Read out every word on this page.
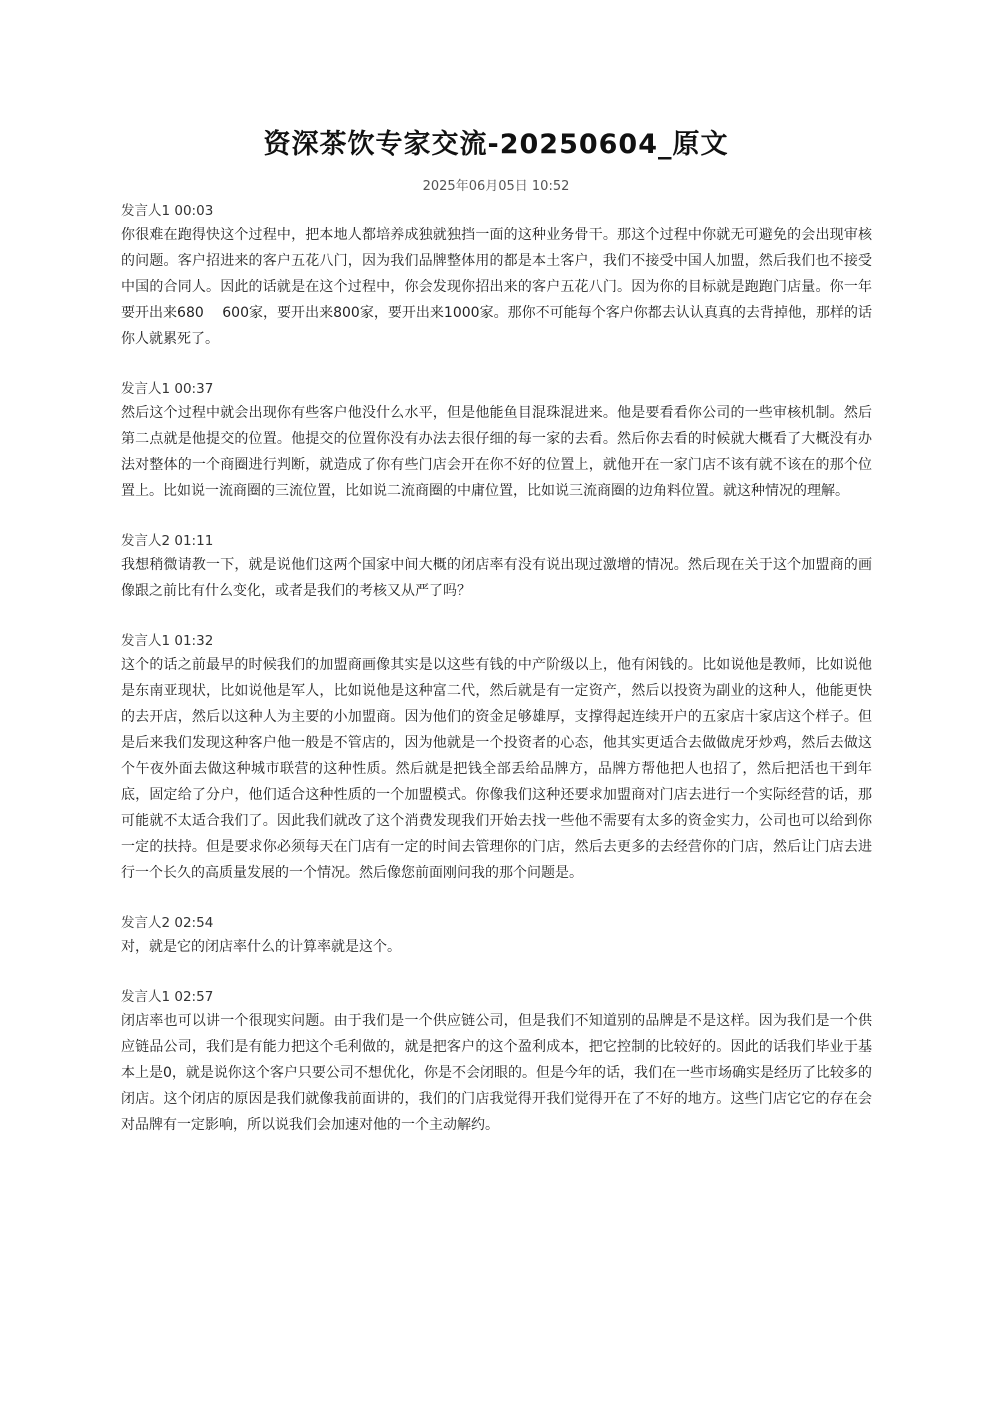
资深茶饮专家交流-20250604_原文
2025年06月05日 10:52
发言人1 00:03

你很难在跑得快这个过程中，把本地人都培养成独就独挡一面的这种业务骨干。那这个过程中你就无可避免的会出现审核的问题。客户招进来的客户五花八门，因为我们品牌整体用的都是本土客户，我们不接受中国人加盟，然后我们也不接受中国的合同人。因此的话就是在这个过程中，你会发现你招出来的客户五花八门。因为你的目标就是跑跑门店量。你一年要开出来680　 600家，要开出来800家，要开出来1000家。那你不可能每个客户你都去认认真真的去背掉他，那样的话你人就累死了。

发言人1 00:37

然后这个过程中就会出现你有些客户他没什么水平，但是他能鱼目混珠混进来。他是要看看你公司的一些审核机制。然后第二点就是他提交的位置。他提交的位置你没有办法去很仔细的每一家的去看。然后你去看的时候就大概看了大概没有办法对整体的一个商圈进行判断，就造成了你有些门店会开在你不好的位置上，就他开在一家门店不该有就不该在的那个位置上。比如说一流商圈的三流位置，比如说二流商圈的中庸位置，比如说三流商圈的边角料位置。就这种情况的理解。

发言人2 01:11

我想稍微请教一下，就是说他们这两个国家中间大概的闭店率有没有说出现过激增的情况。然后现在关于这个加盟商的画像跟之前比有什么变化，或者是我们的考核又从严了吗？

发言人1 01:32

这个的话之前最早的时候我们的加盟商画像其实是以这些有钱的中产阶级以上，他有闲钱的。比如说他是教师，比如说他是东南亚现状，比如说他是军人，比如说他是这种富二代，然后就是有一定资产，然后以投资为副业的这种人，他能更快的去开店，然后以这种人为主要的小加盟商。因为他们的资金足够雄厚，支撑得起连续开户的五家店十家店这个样子。但是后来我们发现这种客户他一般是不管店的，因为他就是一个投资者的心态，他其实更适合去做做虎牙炒鸡，然后去做这个午夜外面去做这种城市联营的这种性质。然后就是把钱全部丢给品牌方，品牌方帮他把人也招了，然后把活也干到年底，固定给了分户，他们适合这种性质的一个加盟模式。你像我们这种还要求加盟商对门店去进行一个实际经营的话，那可能就不太适合我们了。因此我们就改了这个消费发现我们开始去找一些他不需要有太多的资金实力，公司也可以给到你一定的扶持。但是要求你必须每天在门店有一定的时间去管理你的门店，然后去更多的去经营你的门店，然后让门店去进行一个长久的高质量发展的一个情况。然后像您前面刚问我的那个问题是。

发言人2 02:54

对，就是它的闭店率什么的计算率就是这个。

发言人1 02:57

闭店率也可以讲一个很现实问题。由于我们是一个供应链公司，但是我们不知道别的品牌是不是这样。因为我们是一个供应链品公司，我们是有能力把这个毛利做的，就是把客户的这个盈利成本，把它控制的比较好的。因此的话我们毕业于基本上是0，就是说你这个客户只要公司不想优化，你是不会闭眼的。但是今年的话，我们在一些市场确实是经历了比较多的闭店。这个闭店的原因是我们就像我前面讲的，我们的门店我觉得开我们觉得开在了不好的地方。这些门店它它的存在会对品牌有一定影响，所以说我们会加速对他的一个主动解约。
